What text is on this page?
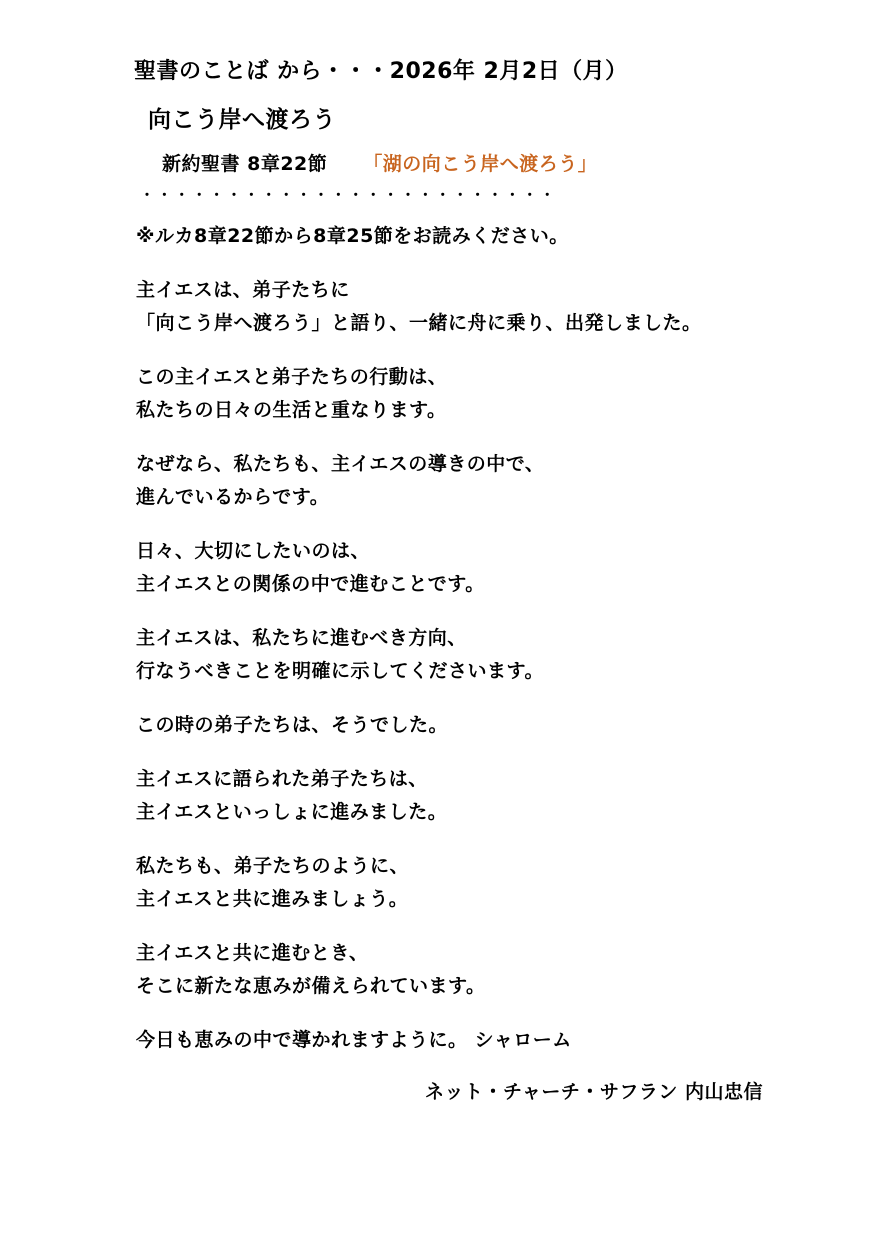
聖書のことば から・・・2026年 2月2日（月）
向こう岸へ渡ろう
新約聖書 8章22節 「湖の向こう岸へ渡ろう」
・・・・・・・・・・・・・・・・・・・・・・・・
※ルカ8章22節から8章25節をお読みください。
主イエスは、弟子たちに
「向こう岸へ渡ろう」と語り、一緒に舟に乗り、出発しました。
この主イエスと弟子たちの行動は、
私たちの日々の生活と重なります。
なぜなら、私たちも、主イエスの導きの中で、
進んでいるからです。
日々、大切にしたいのは、
主イエスとの関係の中で進むことです。
主イエスは、私たちに進むべき方向、
行なうべきことを明確に示してくださいます。
この時の弟子たちは、そうでした。
主イエスに語られた弟子たちは、
主イエスといっしょに進みました。
私たちも、弟子たちのように、
主イエスと共に進みましょう。
主イエスと共に進むとき、
そこに新たな恵みが備えられています。
今日も恵みの中で導かれますように。 シャローム
ネット・チャーチ・サフラン 内山忠信
